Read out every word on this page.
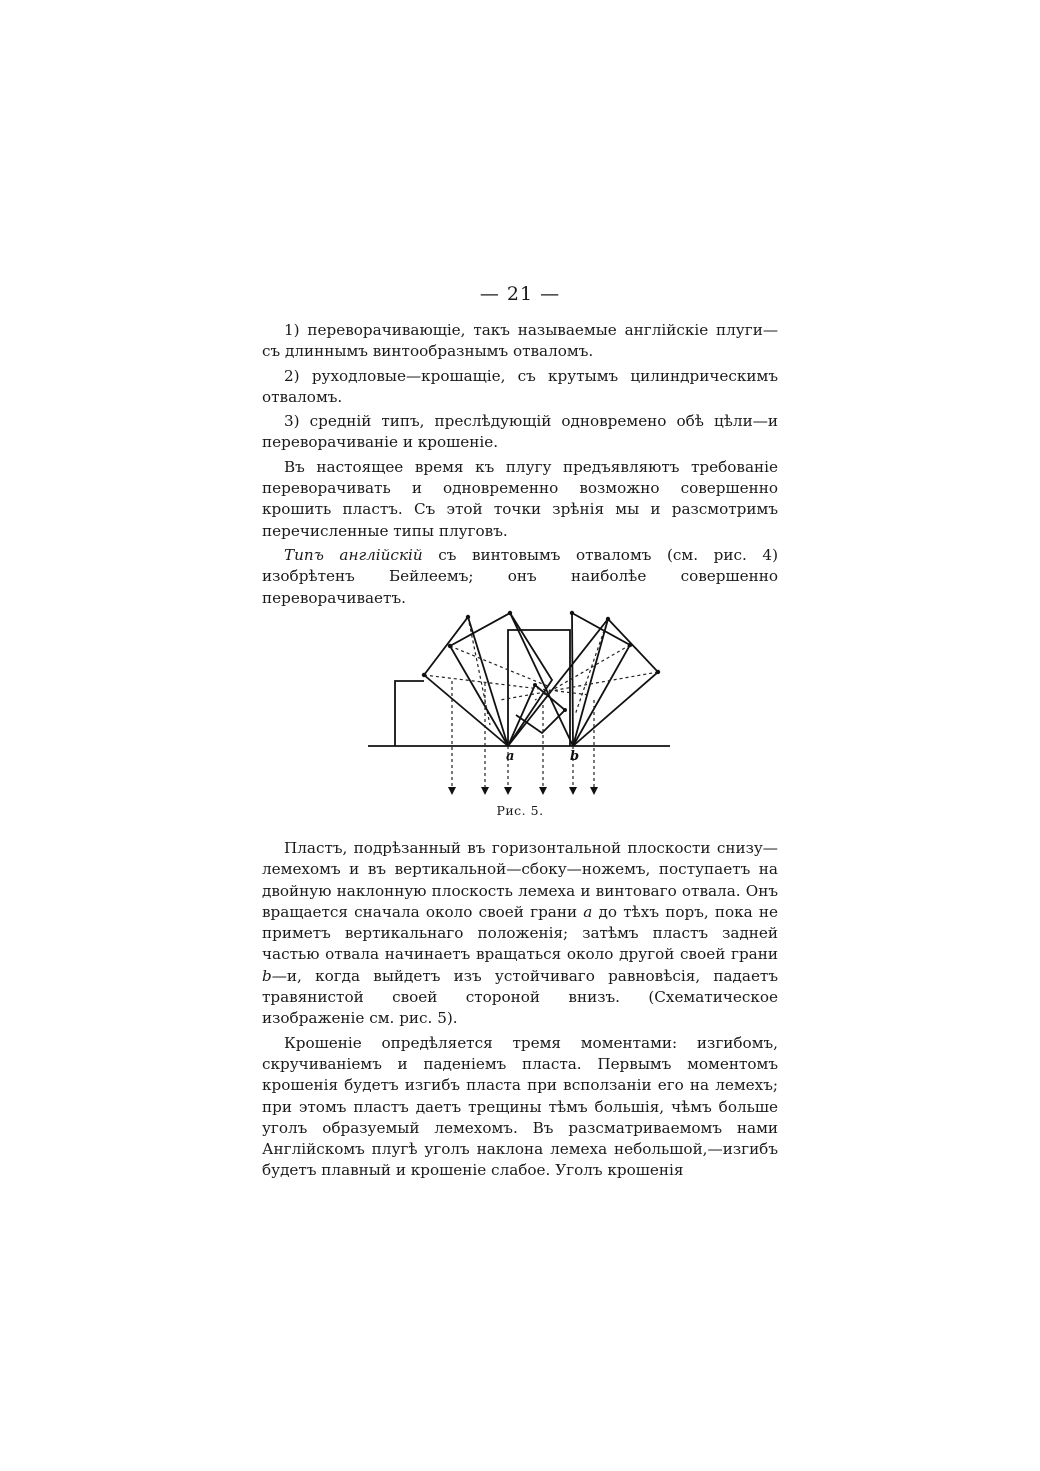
— 21 —

1) переворачивающіе, такъ называемые англійскіе плуги—съ длиннымъ винтообразнымъ отваломъ.

2) руходловые—крошащіе, съ крутымъ цилиндрическимъ отваломъ.

3) средній типъ, преслѣдующій одновремено обѣ цѣли—и переворачиваніе и крошеніе.

Въ настоящее время къ плугу предъявляютъ требованіе переворачивать и одновременно возможно совершенно крошить пластъ. Съ этой точки зрѣнія мы и разсмотримъ перечисленные типы плуговъ.

Типъ англійскій съ винтовымъ отваломъ (см. рис. 4) изобрѣтенъ Бейлеемъ; онъ наиболѣе совершенно переворачиваетъ.

a	b
Рис. 5.

Пластъ, подрѣзанный въ горизонтальной плоскости снизу—лемехомъ и въ вертикальной—сбоку—ножемъ, поступаетъ на двойную наклонную плоскость лемеха и винтоваго отвала. Онъ вращается сначала около своей грани a до тѣхъ поръ, пока не приметъ вертикальнаго положенія; затѣмъ пластъ задней частью отвала начинаетъ вращаться около другой своей грани b—и, когда выйдетъ изъ устойчиваго равновѣсія, падаетъ травянистой своей стороной внизъ. (Схематическое изображеніе см. рис. 5).

Крошеніе опредѣляется тремя моментами: изгибомъ, скручиваніемъ и паденіемъ пласта. Первымъ моментомъ крошенія будетъ изгибъ пласта при всползаніи его на лемехъ; при этомъ пластъ даетъ трещины тѣмъ большія, чѣмъ больше уголъ образуемый лемехомъ. Въ разсматриваемомъ нами Англійскомъ плугѣ уголъ наклона лемеха небольшой,—изгибъ будетъ плавный и крошеніе слабое. Уголъ крошенія
